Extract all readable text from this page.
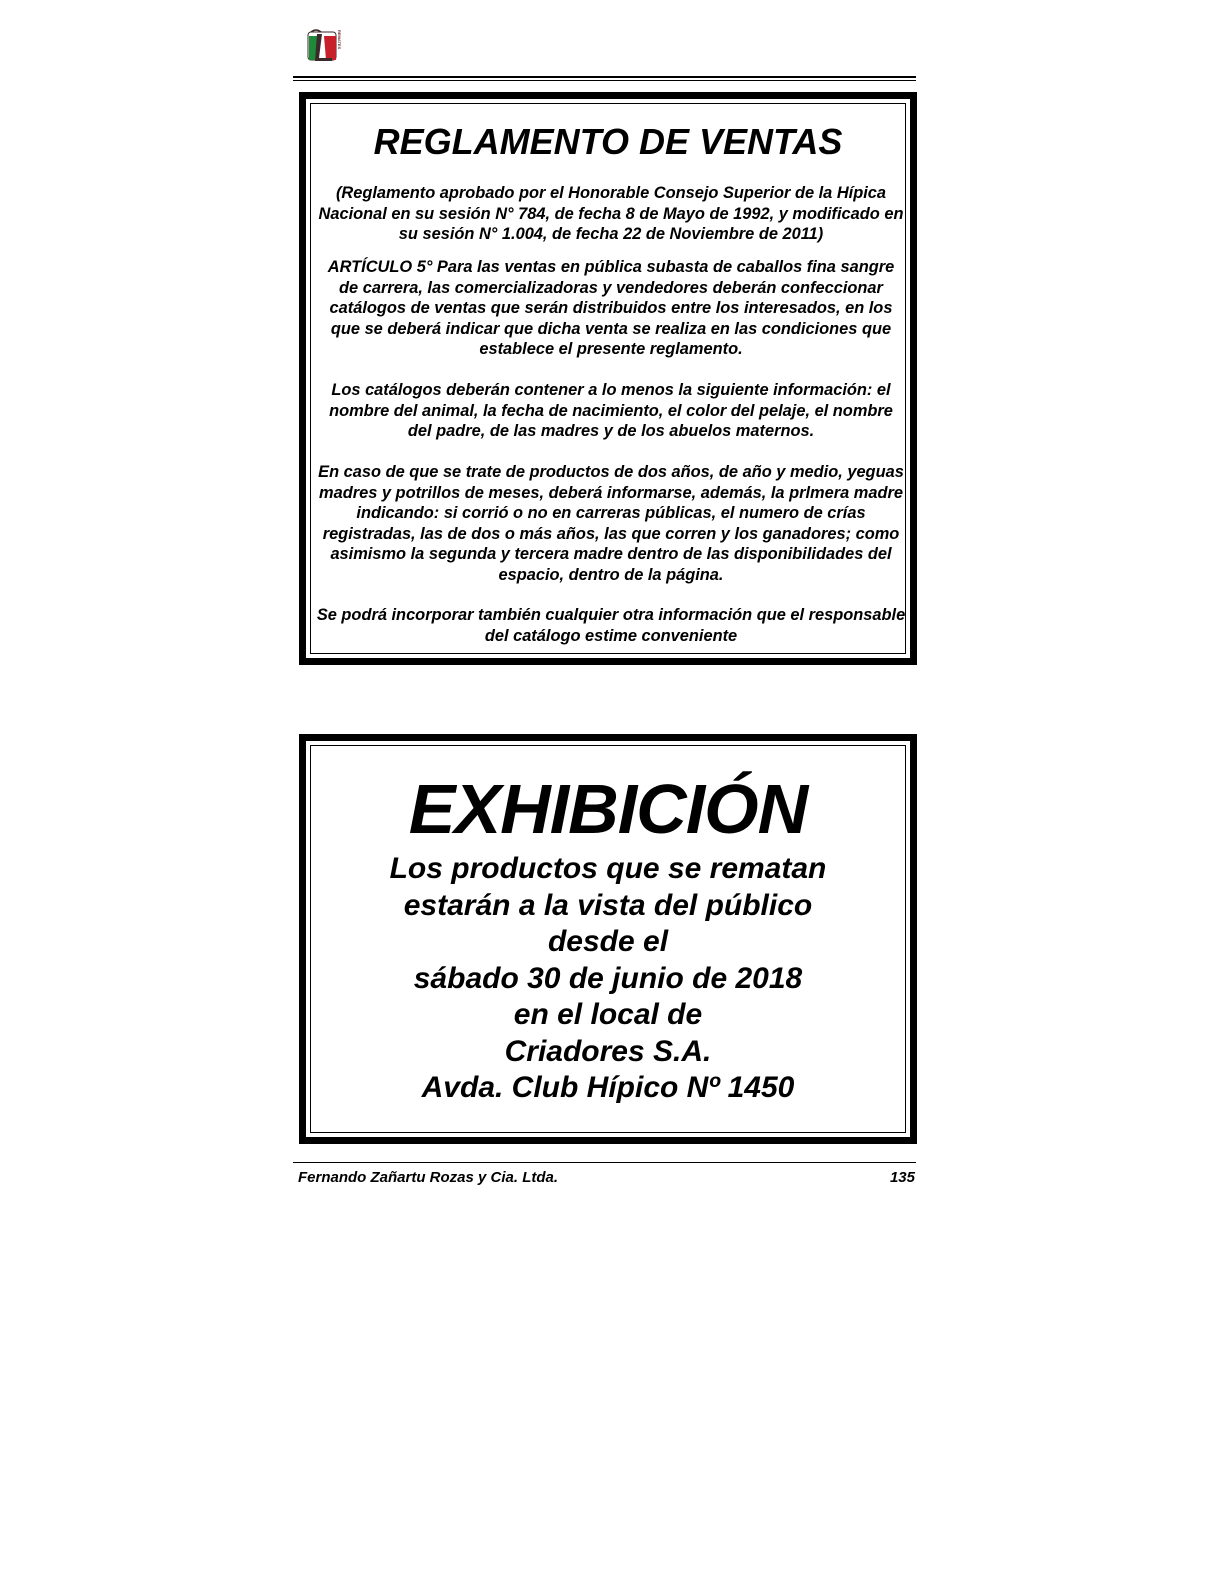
REMATES
REGLAMENTO DE VENTAS

(Reglamento aprobado por el Honorable Consejo Superior de la Hípica Nacional en su sesión N° 784, de fecha 8 de Mayo de 1992, y modificado en su sesión N° 1.004, de fecha 22 de Noviembre de 2011)

ARTÍCULO 5° Para las ventas en pública subasta de caballos fina sangre de carrera, las comercializadoras y vendedores deberán confeccionar catálogos de ventas que serán distribuidos entre los interesados, en los que se deberá indicar que dicha venta se realiza en las condiciones que establece el presente reglamento.

Los catálogos deberán contener a lo menos la siguiente información: el nombre del animal, la fecha de nacimiento, el color del pelaje, el nombre del padre, de las madres y de los abuelos maternos.

En caso de que se trate de productos de dos años, de año y medio, yeguas madres y potrillos de meses, deberá informarse, además, la prlmera madre indicando: si corrió o no en carreras públicas, el numero de crías registradas, las de dos o más años, las que corren y los ganadores; como asimismo la segunda y tercera madre dentro de las disponibilidades del espacio, dentro de la página.

Se podrá incorporar también cualquier otra información que el responsable del catálogo estime conveniente

EXHIBICIÓN
Los productos que se rematan
estarán a la vista del público
desde el
sábado 30 de junio de 2018
en el local de
Criadores S.A.
Avda. Club Hípico Nº 1450
Fernando Zañartu Rozas y Cia. Ltda.	135
